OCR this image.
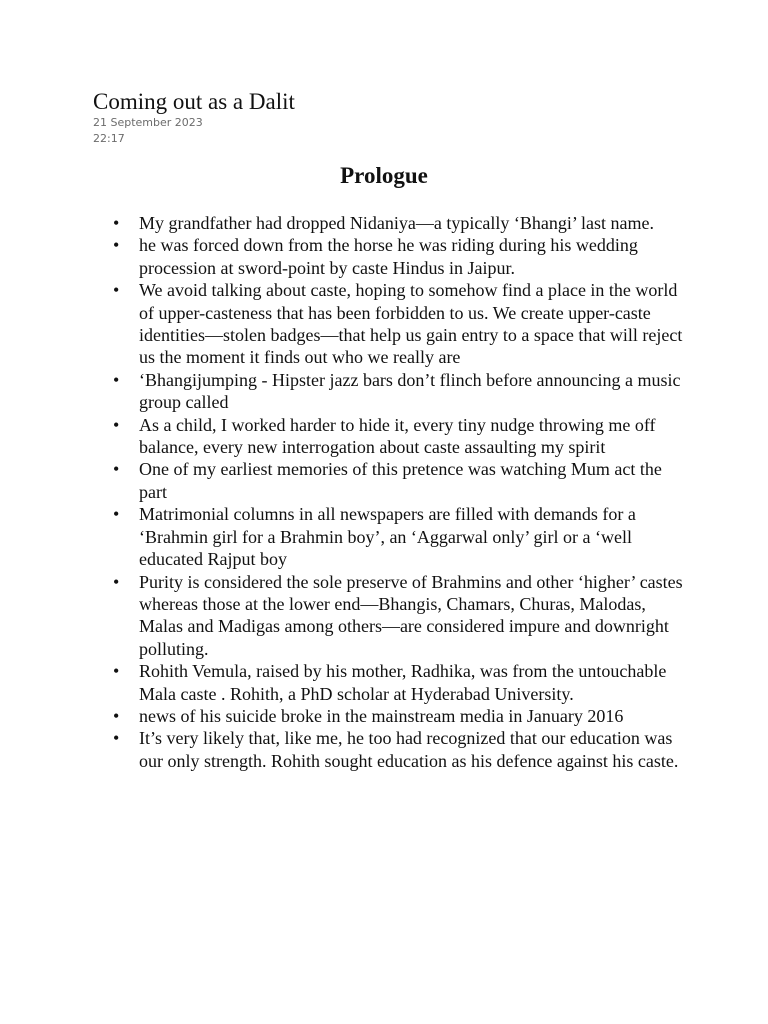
Coming out as a Dalit
21 September 2023
22:17
Prologue
• My grandfather had dropped Nidaniya—a typically ‘Bhangi’ last name.
• he was forced down from the horse he was riding during his wedding procession at sword-point by caste Hindus in Jaipur.
• We avoid talking about caste, hoping to somehow find a place in the world of upper-casteness that has been forbidden to us. We create upper-caste identities—stolen badges—that help us gain entry to a space that will reject us the moment it finds out who we really are
• ‘Bhangijumping - Hipster jazz bars don’t flinch before announcing a music group called
• As a child, I worked harder to hide it, every tiny nudge throwing me off balance, every new interrogation about caste assaulting my spirit
• One of my earliest memories of this pretence was watching Mum act the part
• Matrimonial columns in all newspapers are filled with demands for a ‘Brahmin girl for a Brahmin boy’, an ‘Aggarwal only’ girl or a ‘well educated Rajput boy
• Purity is considered the sole preserve of Brahmins and other ‘higher’ castes whereas those at the lower end—Bhangis, Chamars, Churas, Malodas, Malas and Madigas among others—are considered impure and downright polluting.
• Rohith Vemula, raised by his mother, Radhika, was from the untouchable Mala caste . Rohith, a PhD scholar at Hyderabad University.
• news of his suicide broke in the mainstream media in January 2016
• It’s very likely that, like me, he too had recognized that our education was our only strength. Rohith sought education as his defence against his caste.
